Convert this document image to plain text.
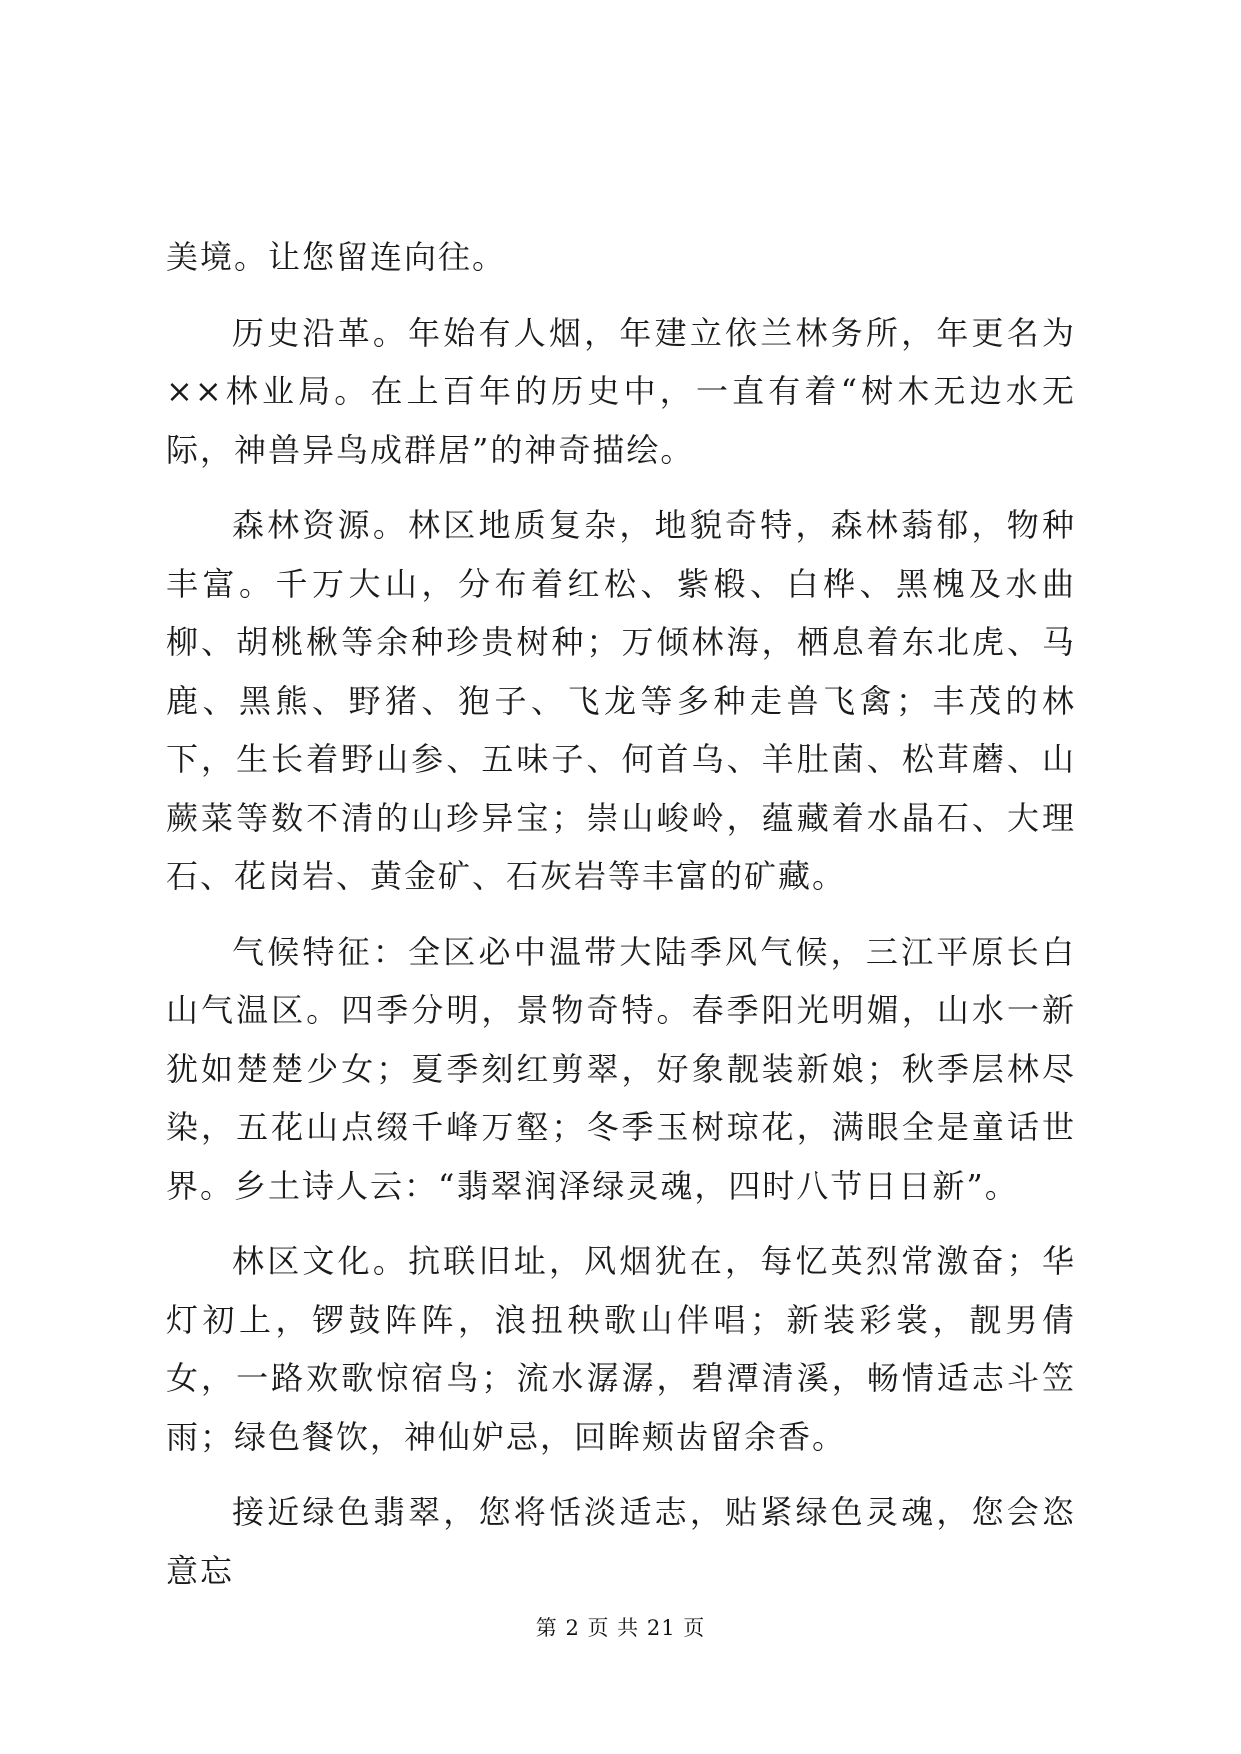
美境。让您留连向往。

历史沿革。年始有人烟，年建立依兰林务所，年更名为××林业局。在上百年的历史中，一直有着“树木无边水无际，神兽异鸟成群居”的神奇描绘。

森林资源。林区地质复杂，地貌奇特，森林蓊郁，物种丰富。千万大山，分布着红松、紫椴、白桦、黑槐及水曲柳、胡桃楸等余种珍贵树种；万倾林海，栖息着东北虎、马鹿、黑熊、野猪、狍子、飞龙等多种走兽飞禽；丰茂的林下，生长着野山参、五味子、何首乌、羊肚菌、松茸蘑、山蕨菜等数不清的山珍异宝；崇山峻岭，蕴藏着水晶石、大理石、花岗岩、黄金矿、石灰岩等丰富的矿藏。

气候特征：全区必中温带大陆季风气候，三江平原长白山气温区。四季分明，景物奇特。春季阳光明媚，山水一新犹如楚楚少女；夏季刻红剪翠，好象靓装新娘；秋季层林尽染，五花山点缀千峰万壑；冬季玉树琼花，满眼全是童话世界。乡土诗人云：“翡翠润泽绿灵魂，四时八节日日新”。

林区文化。抗联旧址，风烟犹在，每忆英烈常激奋；华灯初上，锣鼓阵阵，浪扭秧歌山伴唱；新装彩裳，靓男倩女，一路欢歌惊宿鸟；流水潺潺，碧潭清溪，畅情适志斗笠雨；绿色餐饮，神仙妒忌，回眸颊齿留余香。

接近绿色翡翠，您将恬淡适志，贴紧绿色灵魂，您会恣意忘

第 2 页 共 21 页
